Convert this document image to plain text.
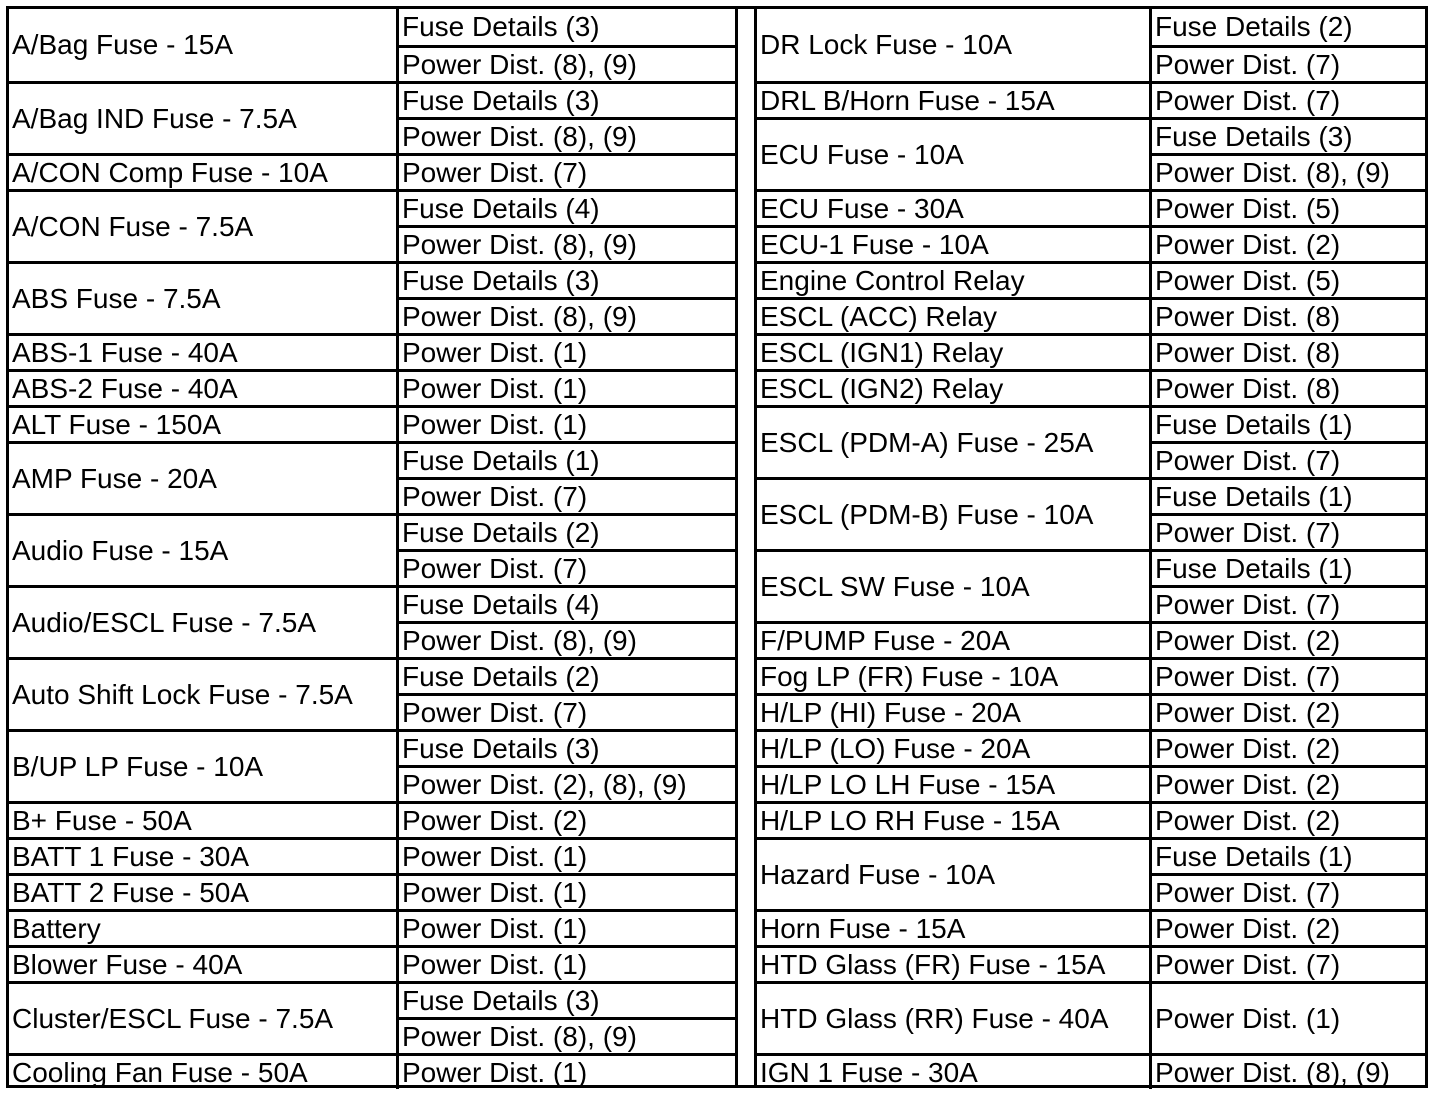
A/Bag Fuse - 15A
Fuse Details (3)
Power Dist. (8), (9)
A/Bag IND Fuse - 7.5A
Fuse Details (3)
Power Dist. (8), (9)
A/CON Comp Fuse - 10A	Power Dist. (7)
A/CON Fuse - 7.5A
Fuse Details (4)
Power Dist. (8), (9)
ABS Fuse - 7.5A
Fuse Details (3)
Power Dist. (8), (9)
ABS-1 Fuse - 40A	Power Dist. (1)
ABS-2 Fuse - 40A	Power Dist. (1)
ALT Fuse - 150A	Power Dist. (1)
AMP Fuse - 20A
Fuse Details (1)
Power Dist. (7)
Audio Fuse - 15A
Fuse Details (2)
Power Dist. (7)
Audio/ESCL Fuse - 7.5A
Fuse Details (4)
Power Dist. (8), (9)
Auto Shift Lock Fuse - 7.5A
Fuse Details (2)
Power Dist. (7)
B/UP LP Fuse - 10A
Fuse Details (3)
Power Dist. (2), (8), (9)
B+ Fuse - 50A	Power Dist. (2)
BATT 1 Fuse - 30A	Power Dist. (1)
BATT 2 Fuse - 50A	Power Dist. (1)
Battery	Power Dist. (1)
Blower Fuse - 40A	Power Dist. (1)
Cluster/ESCL Fuse - 7.5A
Fuse Details (3)
Power Dist. (8), (9)
Cooling Fan Fuse - 50A	Power Dist. (1)
DR Lock Fuse - 10A
Fuse Details (2)
Power Dist. (7)
DRL B/Horn Fuse - 15A	Power Dist. (7)
ECU Fuse - 10A
Fuse Details (3)
Power Dist. (8), (9)
ECU Fuse - 30A	Power Dist. (5)
ECU-1 Fuse - 10A	Power Dist. (2)
Engine Control Relay	Power Dist. (5)
ESCL (ACC) Relay	Power Dist. (8)
ESCL (IGN1) Relay	Power Dist. (8)
ESCL (IGN2) Relay	Power Dist. (8)
ESCL (PDM-A) Fuse - 25A
Fuse Details (1)
Power Dist. (7)
ESCL (PDM-B) Fuse - 10A
Fuse Details (1)
Power Dist. (7)
ESCL SW Fuse - 10A
Fuse Details (1)
Power Dist. (7)
F/PUMP Fuse - 20A	Power Dist. (2)
Fog LP (FR) Fuse - 10A	Power Dist. (7)
H/LP (HI) Fuse - 20A	Power Dist. (2)
H/LP (LO) Fuse - 20A	Power Dist. (2)
H/LP LO LH Fuse - 15A	Power Dist. (2)
H/LP LO RH Fuse - 15A	Power Dist. (2)
Hazard Fuse - 10A
Fuse Details (1)
Power Dist. (7)
Horn Fuse - 15A	Power Dist. (2)
HTD Glass (FR) Fuse - 15A	Power Dist. (7)
HTD Glass (RR) Fuse - 40A	Power Dist. (1)
IGN 1 Fuse - 30A	Power Dist. (8), (9)
